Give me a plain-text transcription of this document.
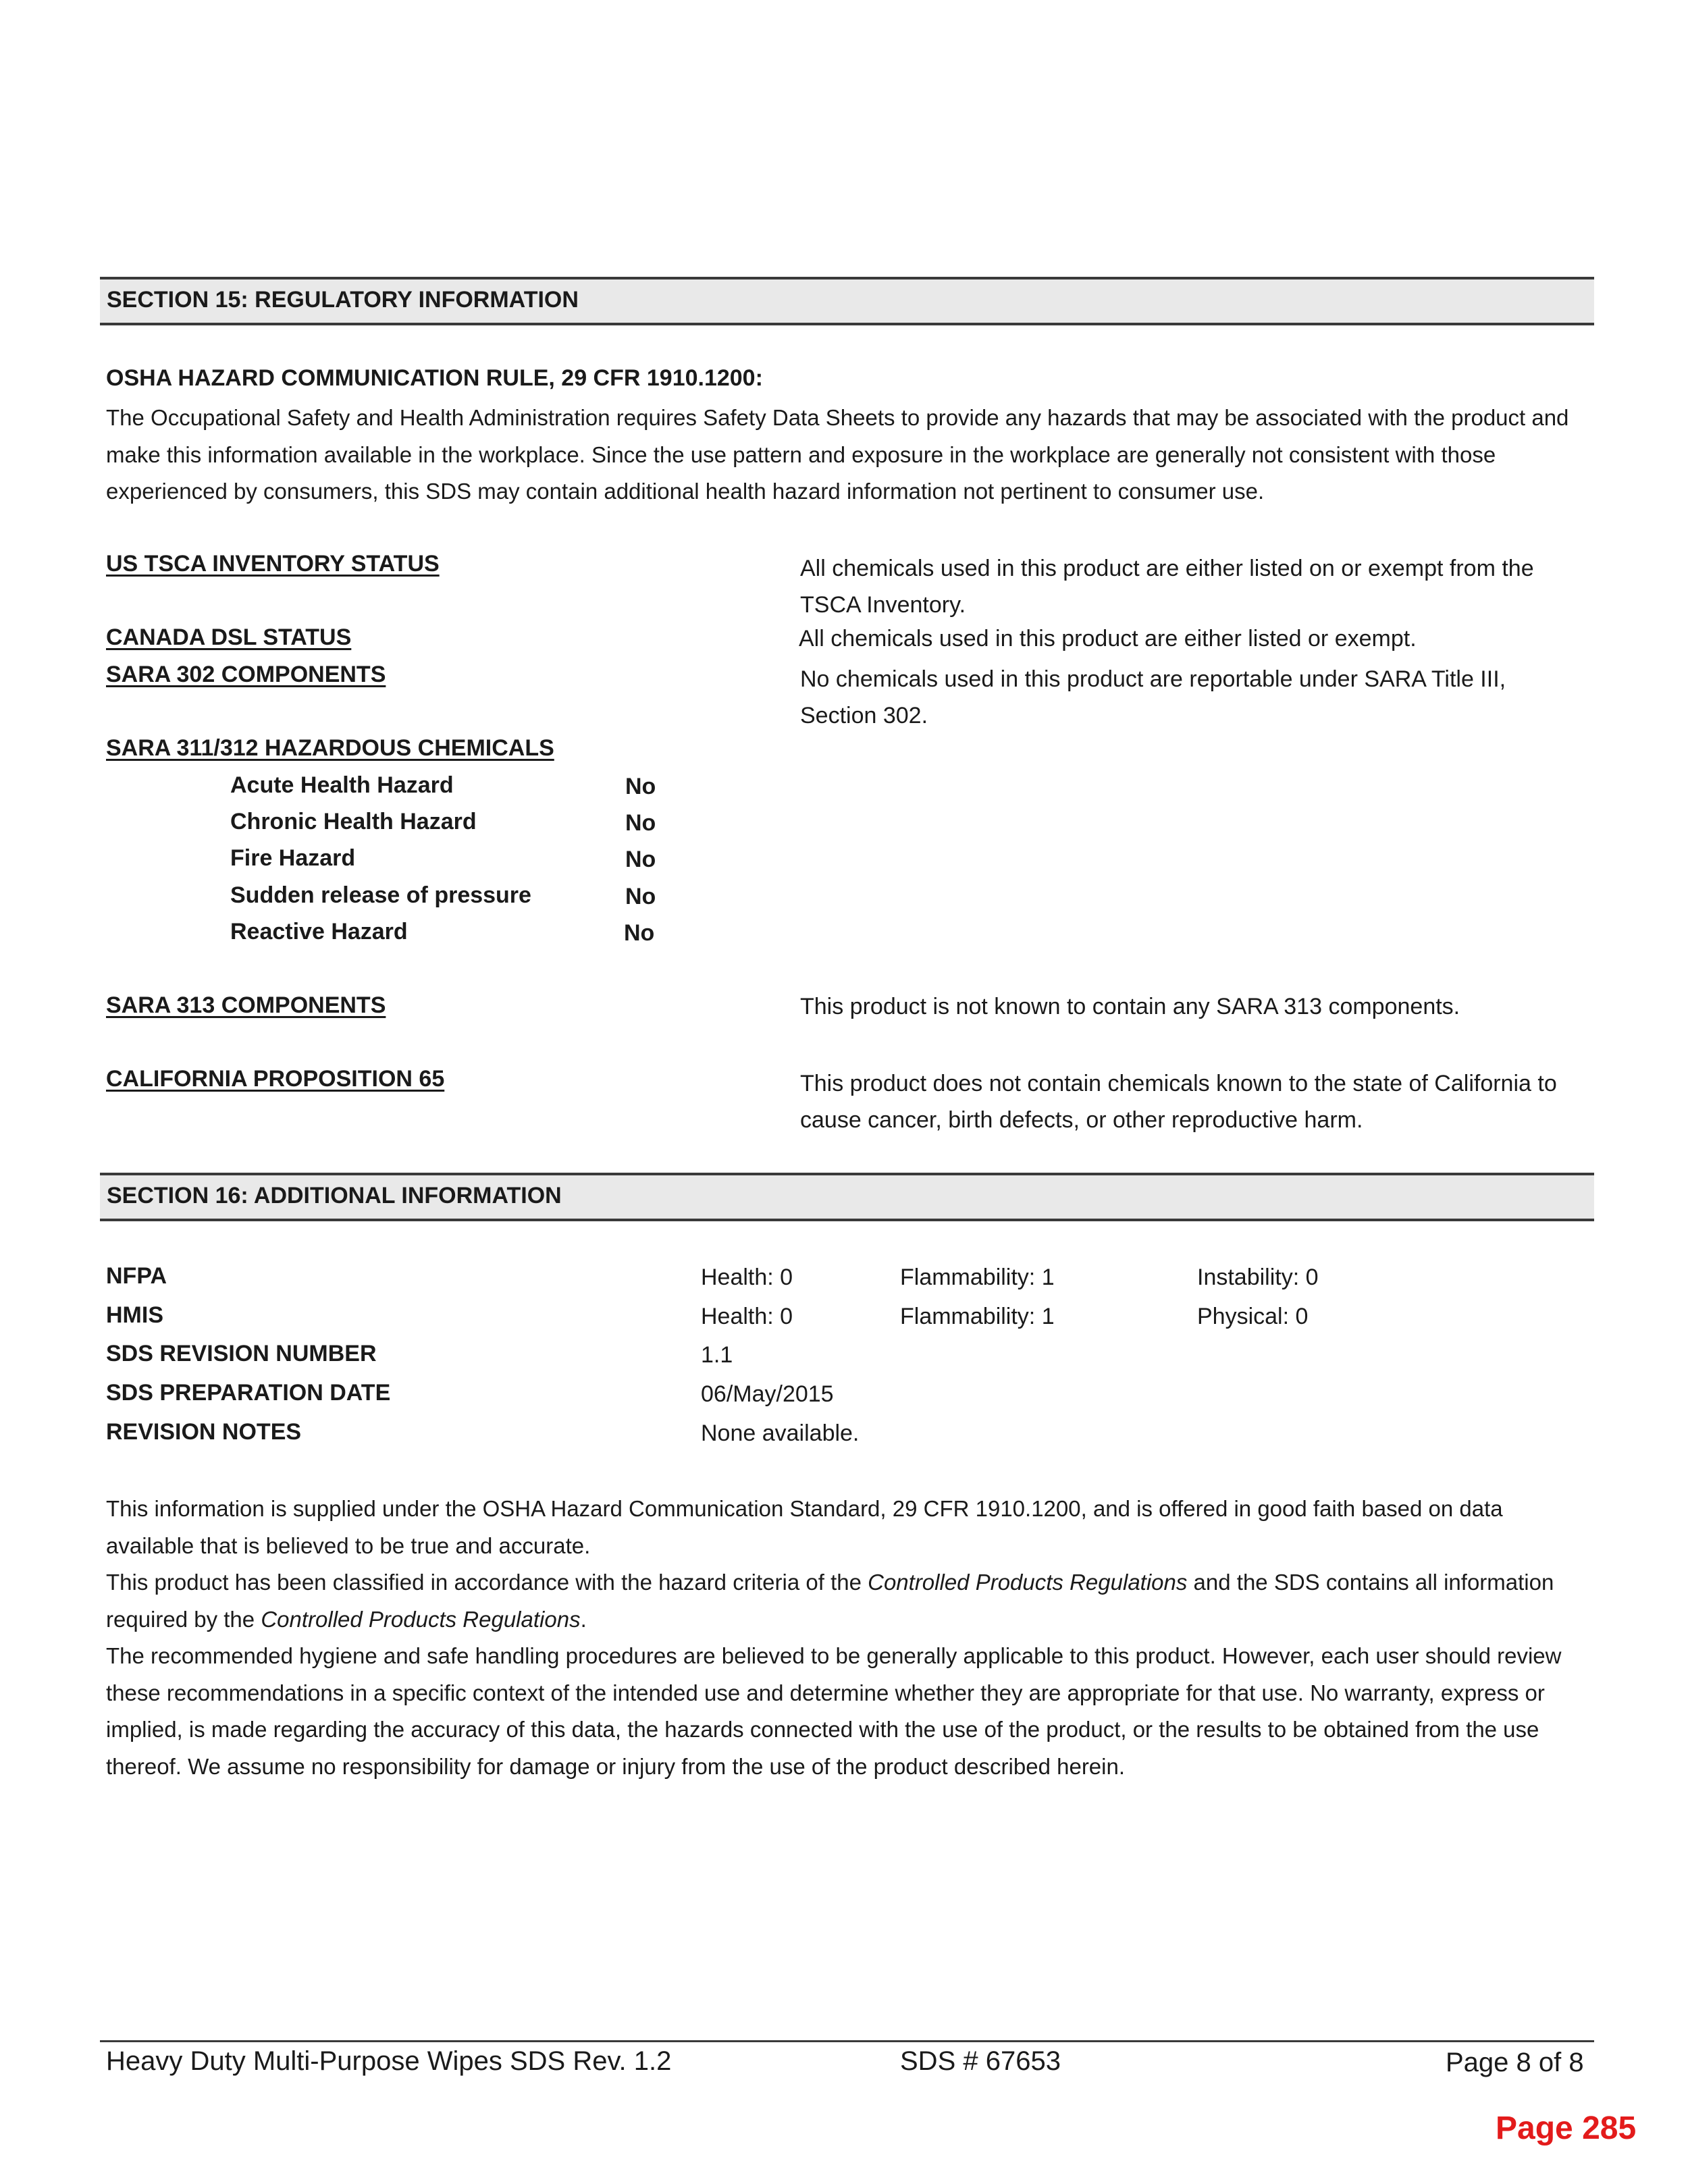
SECTION 15: REGULATORY INFORMATION
OSHA HAZARD COMMUNICATION RULE, 29 CFR 1910.1200:
The Occupational Safety and Health Administration requires Safety Data Sheets to provide any hazards that may be associated with the product and make this information available in the workplace. Since the use pattern and exposure in the workplace are generally not consistent with those experienced by consumers, this SDS may contain additional health hazard information not pertinent to consumer use.
US TSCA INVENTORY STATUS	All chemicals used in this product are either listed on or exempt from the TSCA Inventory.
CANADA DSL STATUS	All chemicals used in this product are either listed or exempt.
SARA 302 COMPONENTS	No chemicals used in this product are reportable under SARA Title III, Section 302.
SARA 311/312 HAZARDOUS CHEMICALS
Acute Health Hazard	No
Chronic Health Hazard	No
Fire Hazard	No
Sudden release of pressure	No
Reactive Hazard	No
SARA 313 COMPONENTS	This product is not known to contain any SARA 313 components.
CALIFORNIA PROPOSITION 65	This product does not contain chemicals known to the state of California to cause cancer, birth defects, or other reproductive harm.
SECTION 16: ADDITIONAL INFORMATION
NFPA	Health: 0	Flammability: 1	Instability: 0
HMIS	Health: 0	Flammability: 1	Physical: 0
SDS REVISION NUMBER	1.1
SDS PREPARATION DATE	06/May/2015
REVISION NOTES	None available.
This information is supplied under the OSHA Hazard Communication Standard, 29 CFR 1910.1200, and is offered in good faith based on data available that is believed to be true and accurate.
This product has been classified in accordance with the hazard criteria of the Controlled Products Regulations and the SDS contains all information required by the Controlled Products Regulations.
The recommended hygiene and safe handling procedures are believed to be generally applicable to this product. However, each user should review these recommendations in a specific context of the intended use and determine whether they are appropriate for that use. No warranty, express or implied, is made regarding the accuracy of this data, the hazards connected with the use of the product, or the results to be obtained from the use thereof. We assume no responsibility for damage or injury from the use of the product described herein.
Heavy Duty Multi-Purpose Wipes SDS Rev. 1.2	SDS # 67653	Page 8 of 8
Page 285
